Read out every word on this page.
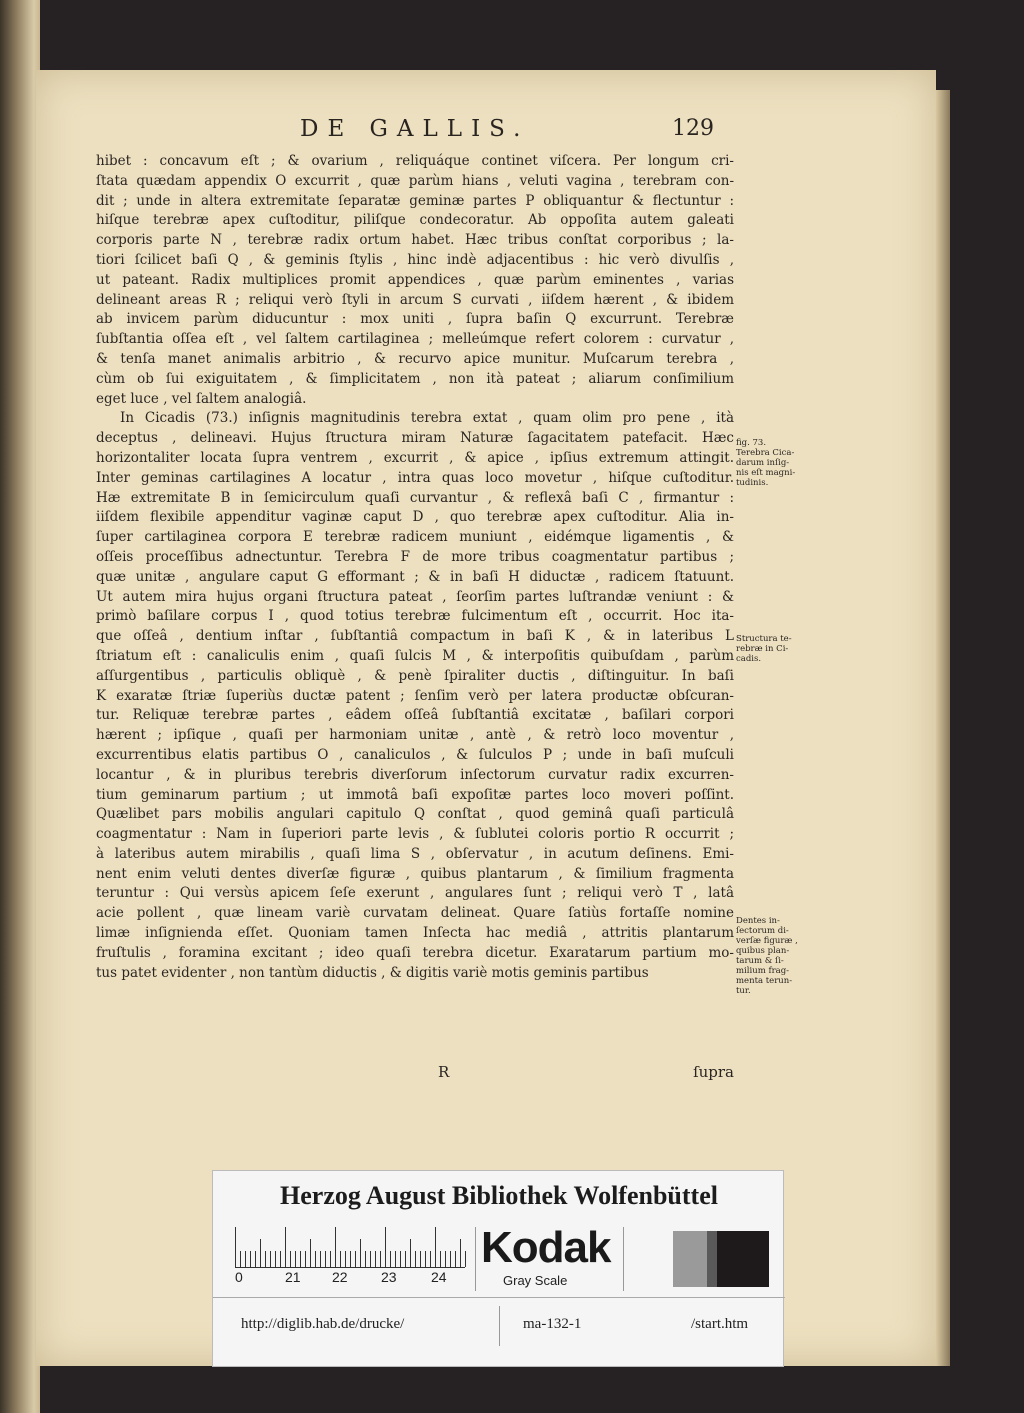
DE GALLIS.	129

hibet : concavum eſt ; & ovarium , reliquáque continet viſcera. Per longum cri-
ſtata quædam appendix O excurrit , quæ parùm hians , veluti vagina , terebram con-
dit ; unde in altera extremitate ſeparatæ geminæ partes P obliquantur & flectuntur :
hiſque terebræ apex cuſtoditur, piliſque condecoratur. Ab oppoſita autem galeati
corporis parte N , terebræ radix ortum habet. Hæc tribus conſtat corporibus ; la-
tiori ſcilicet baſi Q , & geminis ſtylis , hinc indè adjacentibus : hic verò divulſis ,
ut pateant. Radix multiplices promit appendices , quæ parùm eminentes , varias
delineant areas R ; reliqui verò ſtyli in arcum S curvati , iiſdem hærent , & ibidem
ab invicem parùm diducuntur : mox uniti , ſupra baſin Q excurrunt. Terebræ
ſubſtantia oſſea eſt , vel ſaltem cartilaginea ; melleúmque refert colorem : curvatur ,
& tenſa manet animalis arbitrio , & recurvo apice munitur. Muſcarum terebra ,
cùm ob ſui exiguitatem , & ſimplicitatem , non ità pateat ; aliarum conſimilium
eget luce , vel ſaltem analogiâ.

In Cicadis (73.) inſignis magnitudinis terebra extat , quam olim pro pene , ità
deceptus , delineavi. Hujus ſtructura miram Naturæ ſagacitatem patefacit. Hæc
horizontaliter locata ſupra ventrem , excurrit , & apice , ipſius extremum attingit.
Inter geminas cartilagines A locatur , intra quas loco movetur , hiſque cuſtoditur.
Hæ extremitate B in ſemicirculum quaſi curvantur , & reflexâ baſi C , firmantur :
iiſdem flexibile appenditur vaginæ caput D , quo terebræ apex cuſtoditur. Alia in-
ſuper cartilaginea corpora E terebræ radicem muniunt , eidémque ligamentis , &
oſſeis proceſſibus adnectuntur. Terebra F de more tribus coagmentatur partibus ;
quæ unitæ , angulare caput G efformant ; & in baſi H diductæ , radicem ſtatuunt.
Ut autem mira hujus organi ſtructura pateat , ſeorſim partes luſtrandæ veniunt : &
primò baſilare corpus I , quod totius terebræ fulcimentum eſt , occurrit. Hoc ita-
que oſſeâ , dentium inſtar , ſubſtantiâ compactum in baſi K , & in lateribus L
ſtriatum eſt : canaliculis enim , quaſi ſulcis M , & interpoſitis quibuſdam , parùm
aſſurgentibus , particulis obliquè , & penè ſpiraliter ductis , diſtinguitur. In baſi
K exaratæ ſtriæ ſuperiùs ductæ patent ; ſenſim verò per latera productæ obſcuran-
tur. Reliquæ terebræ partes , eâdem oſſeâ ſubſtantiâ excitatæ , baſilari corpori
hærent ; ipſique , quaſi per harmoniam unitæ , antè , & retrò loco moventur ,
excurrentibus elatis partibus O , canaliculos , & ſulculos P ; unde in baſi muſculi
locantur , & in pluribus terebris diverſorum inſectorum curvatur radix excurren-
tium geminarum partium ; ut immotâ baſi expoſitæ partes loco moveri poſſint.
Quælibet pars mobilis angulari capitulo Q conſtat , quod geminâ quaſi particulâ
coagmentatur : Nam in ſuperiori parte levis , & ſublutei coloris portio R occurrit ;
à lateribus autem mirabilis , quaſi lima S , obſervatur , in acutum deſinens. Emi-
nent enim veluti dentes diverſæ figuræ , quibus plantarum , & ſimilium fragmenta
teruntur : Qui versùs apicem ſeſe exerunt , angulares ſunt ; reliqui verò T , latâ
acie pollent , quæ lineam variè curvatam delineat. Quare ſatiùs fortaſſe nomine
limæ inſignienda eſſet. Quoniam tamen Inſecta hac mediâ , attritis plantarum
fruſtulis , foramina excitant ; ideo quaſi terebra dicetur. Exaratarum partium mo-
tus patet evidenter , non tantùm diductis , & digitis variè motis geminis partibus

fig. 73.
Terebra Cica-
darum inſig-
nis eſt magni-
tudinis.
Structura te-
rebræ in Ci-
cadis.
Dentes in-
ſectorum di-
verſæ figuræ ,
quibus plan-
tarum & ſi-
milium frag-
menta terun-
tur.
R	ſupra
Herzog August Bibliothek Wolfenbüttel
0	21 22 23 24
Kodak
Gray Scale
http://diglib.hab.de/drucke/	ma-132-1	/start.htm
